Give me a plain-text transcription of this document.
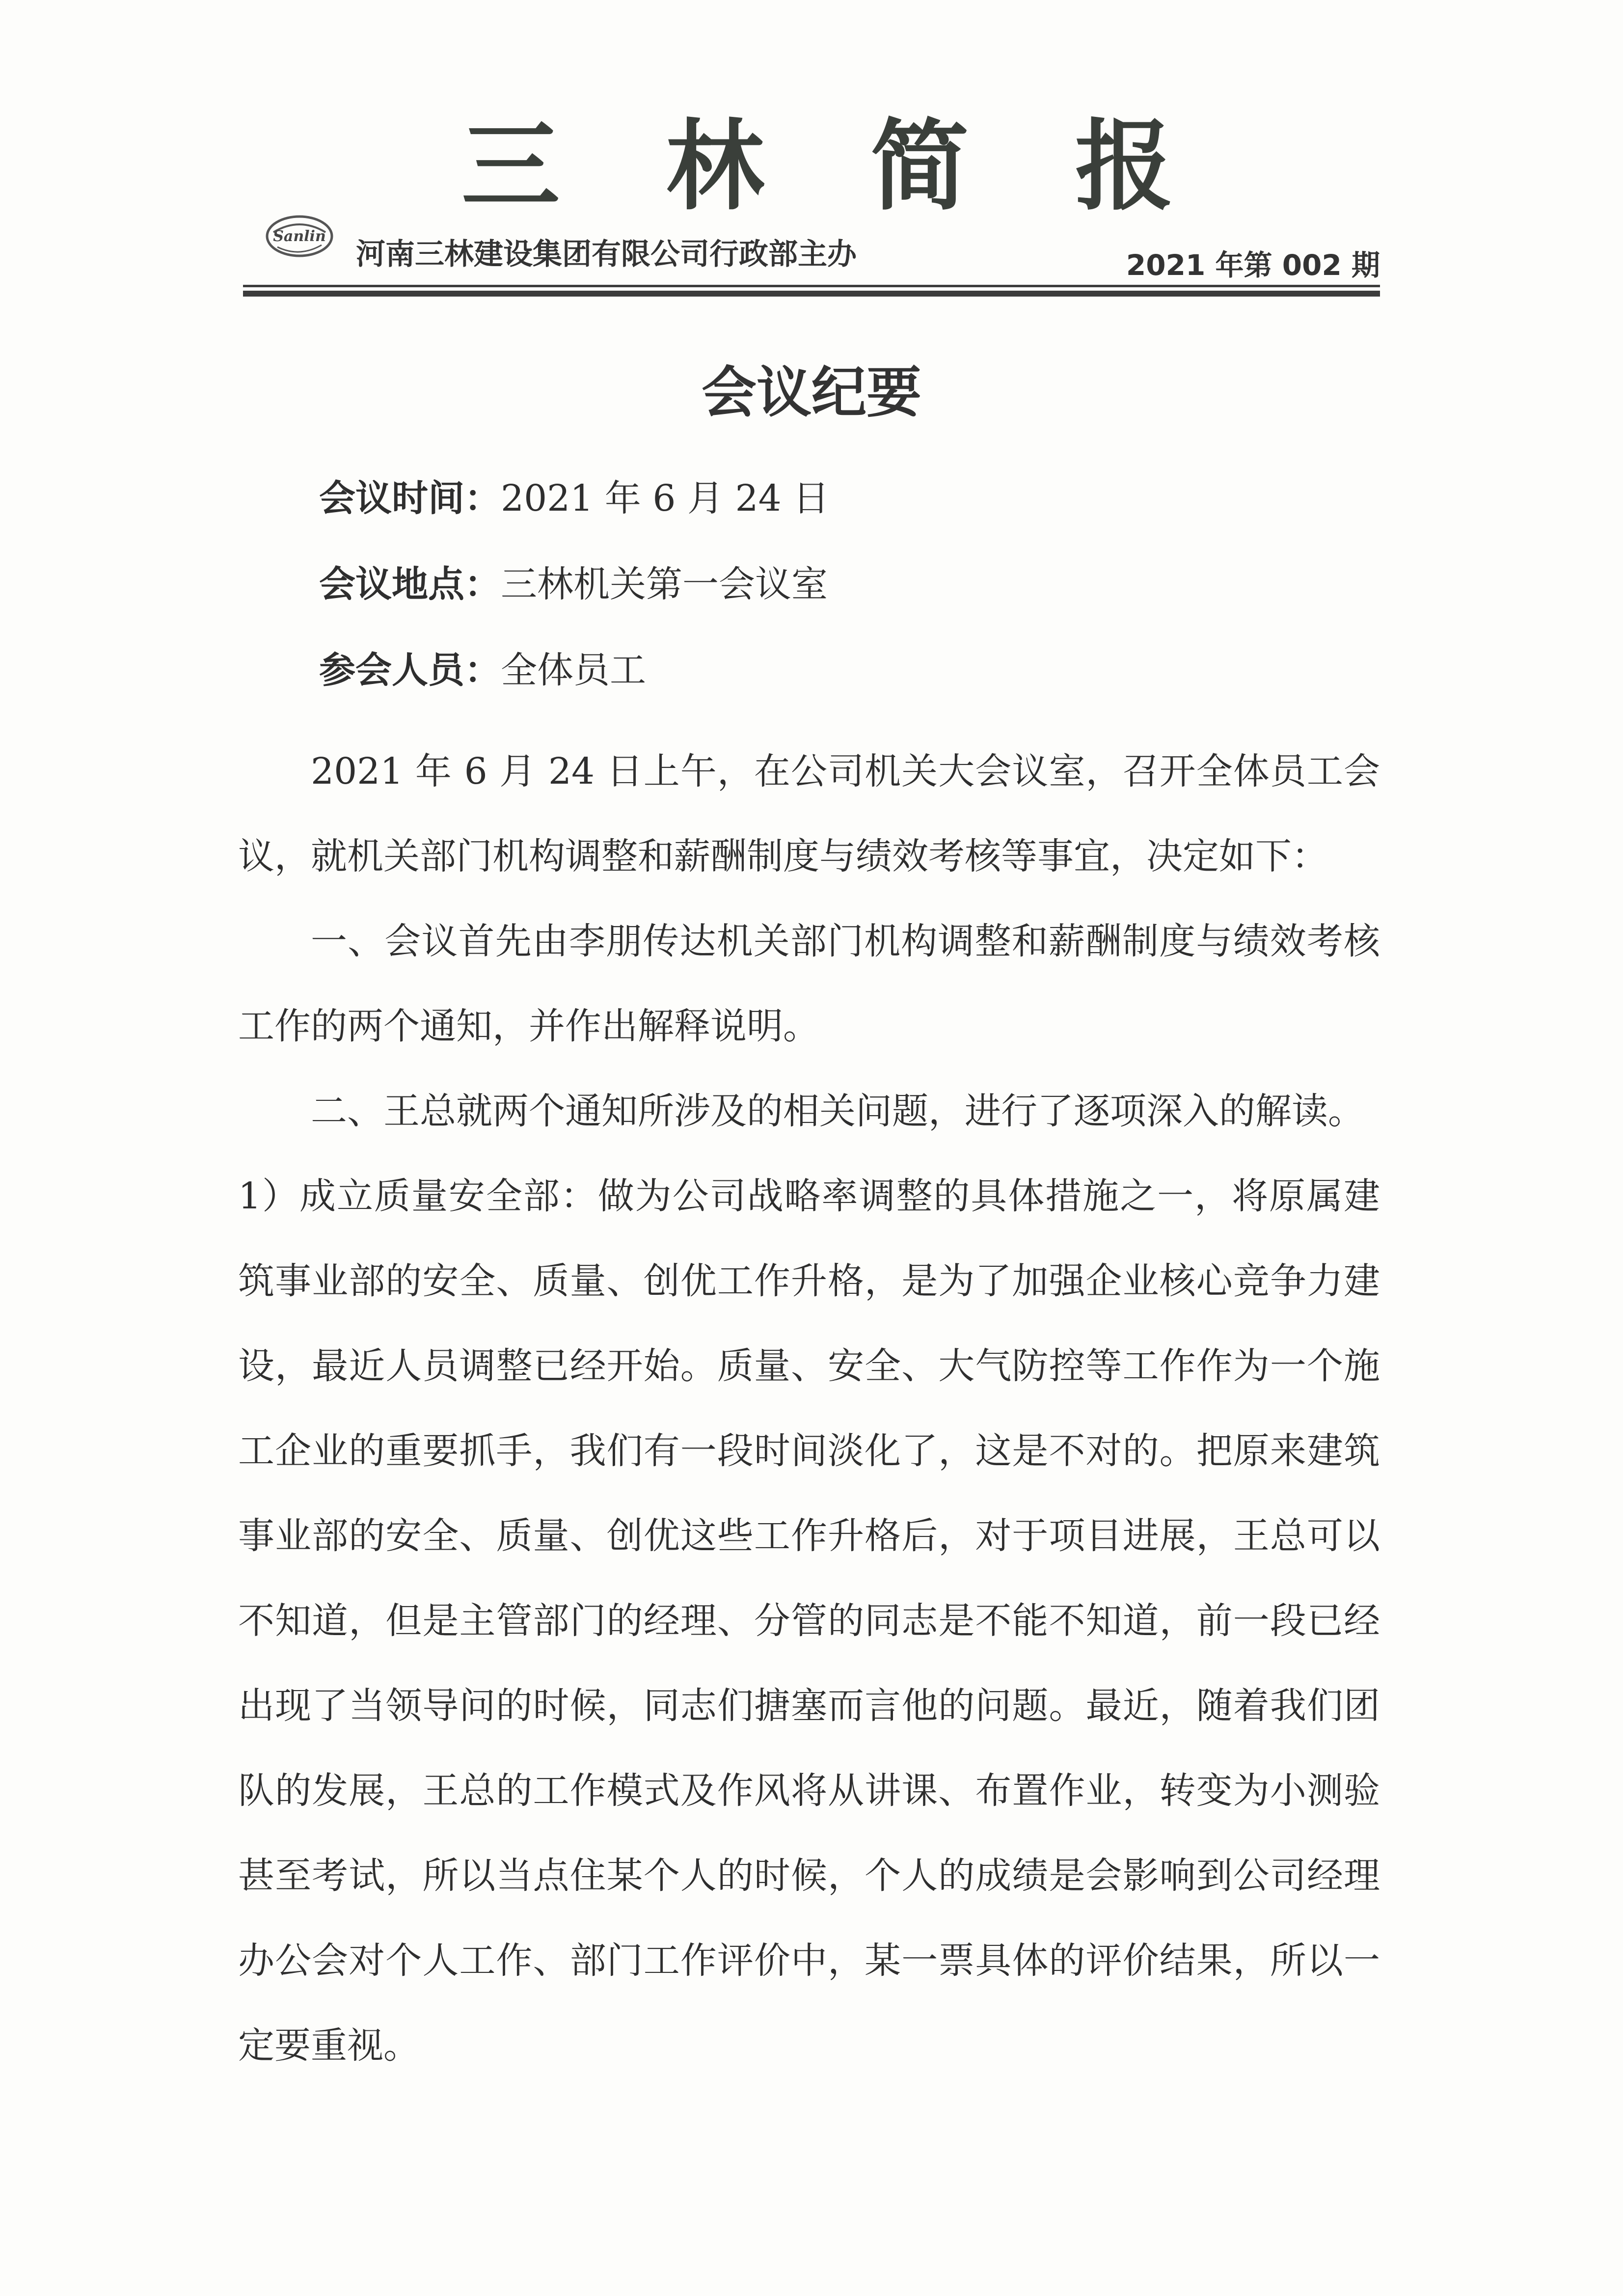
三 林 简 报
Sanlin
河南三林建设集团有限公司行政部主办	2021 年第 002 期
会议纪要
会议时间：2021 年 6 月 24 日
会议地点：三林机关第一会议室
参会人员：全体员工

2021 年 6 月 24 日上午，在公司机关大会议室，召开全体员工会议，就机关部门机构调整和薪酬制度与绩效考核等事宜，决定如下：

一、会议首先由李朋传达机关部门机构调整和薪酬制度与绩效考核工作的两个通知，并作出解释说明。

二、王总就两个通知所涉及的相关问题，进行了逐项深入的解读。

1）成立质量安全部：做为公司战略率调整的具体措施之一，将原属建筑事业部的安全、质量、创优工作升格，是为了加强企业核心竞争力建设，最近人员调整已经开始。质量、安全、大气防控等工作作为一个施工企业的重要抓手，我们有一段时间淡化了，这是不对的。把原来建筑事业部的安全、质量、创优这些工作升格后，对于项目进展，王总可以不知道，但是主管部门的经理、分管的同志是不能不知道，前一段已经出现了当领导问的时候，同志们搪塞而言他的问题。最近，随着我们团队的发展，王总的工作模式及作风将从讲课、布置作业，转变为小测验甚至考试，所以当点住某个人的时候，个人的成绩是会影响到公司经理办公会对个人工作、部门工作评价中，某一票具体的评价结果，所以一定要重视。
